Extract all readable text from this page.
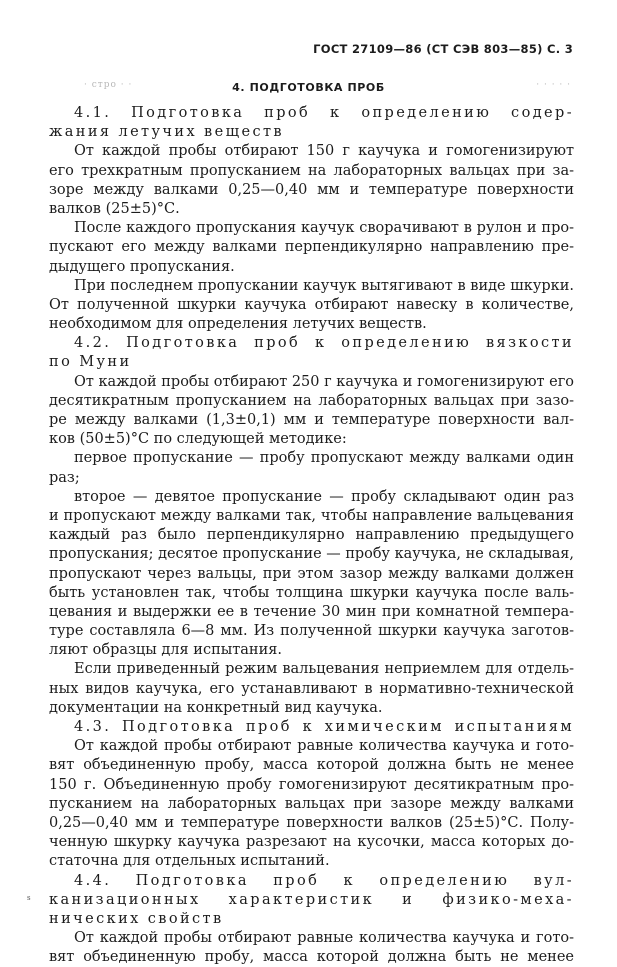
ГОСТ 27109—86 (СТ СЭВ 803—85) С. 3
· стро · ·	4. ПОДГОТОВКА ПРОБ	· · · · ·
4.1. Подготовка проб к определению содер-
жания летучих веществ
От каждой пробы отбирают 150 г каучука и гомогенизируют
его трехкратным пропусканием на лабораторных вальцах при за-
зоре между валками 0,25—0,40 мм и температуре поверхности
валков (25±5)°С.
После каждого пропускания каучук сворачивают в рулон и про-
пускают его между валками перпендикулярно направлению пре-
дыдущего пропускания.
При последнем пропускании каучук вытягивают в виде шкурки.
От полученной шкурки каучука отбирают навеску в количестве,
необходимом для определения летучих веществ.
4.2. Подготовка проб к определению вязкости
по Муни
От каждой пробы отбирают 250 г каучука и гомогенизируют его
десятикратным пропусканием на лабораторных вальцах при зазо-
ре между валками (1,3±0,1) мм и температуре поверхности вал-
ков (50±5)°С по следующей методике:
первое пропускание — пробу пропускают между валками один
раз;
второе — девятое пропускание — пробу складывают один раз
и пропускают между валками так, чтобы направление вальцевания
каждый раз было перпендикулярно направлению предыдущего
пропускания; десятое пропускание — пробу каучука, не складывая,
пропускают через вальцы, при этом зазор между валками должен
быть установлен так, чтобы толщина шкурки каучука после валь-
цевания и выдержки ее в течение 30 мин при комнатной темпера-
туре составляла 6—8 мм. Из полученной шкурки каучука заготов-
ляют образцы для испытания.
Если приведенный режим вальцевания неприемлем для отдель-
ных видов каучука, его устанавливают в нормативно-технической
документации на конкретный вид каучука.
4.3. Подготовка проб к химическим испытаниям
От каждой пробы отбирают равные количества каучука и гото-
вят объединенную пробу, масса которой должна быть не менее
150 г. Объединенную пробу гомогенизируют десятикратным про-
пусканием на лабораторных вальцах при зазоре между валками
0,25—0,40 мм и температуре поверхности валков (25±5)°С. Полу-
ченную шкурку каучука разрезают на кусочки, масса которых до-
статочна для отдельных испытаний.
4.4. Подготовка проб к определению вул-
канизационных характеристик и физико-меха-
нических свойств
От каждой пробы отбирают равные количества каучука и гото-
вят объединенную пробу, масса которой должна быть не менее
s
